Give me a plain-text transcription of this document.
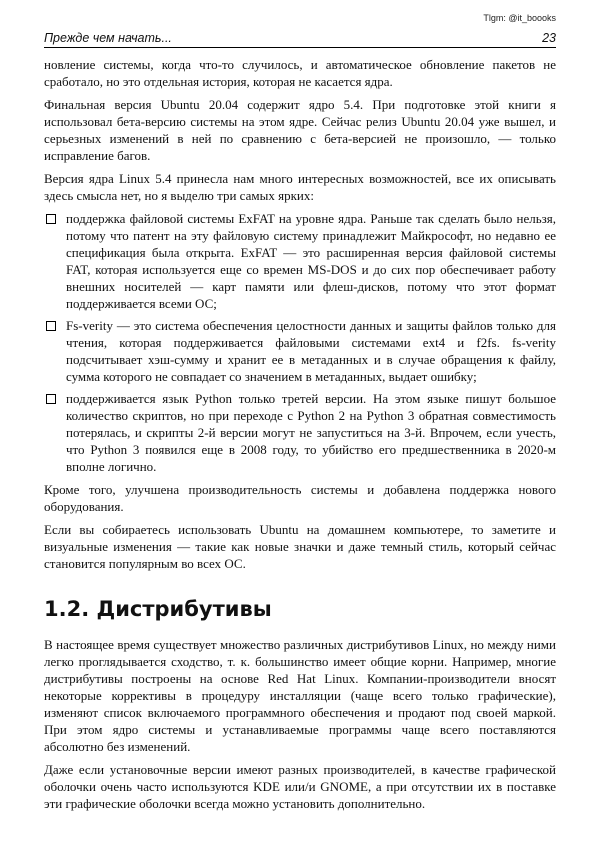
Tlgm: @it_boooks
Прежде чем начать...	23

новление системы, когда что-то случилось, и автоматическое обновление пакетов не сработало, но это отдельная история, которая не касается ядра.

Финальная версия Ubuntu 20.04 содержит ядро 5.4. При подготовке этой книги я использовал бета-версию системы на этом ядре. Сейчас релиз Ubuntu 20.04 уже вышел, и серьезных изменений в ней по сравнению с бета-версией не произошло, — только исправление багов.

Версия ядра Linux 5.4 принесла нам много интересных возможностей, все их описывать здесь смысла нет, но я выделю три самых ярких:

поддержка файловой системы ExFAT на уровне ядра. Раньше так сделать было нельзя, потому что патент на эту файловую систему принадлежит Майкрософт, но недавно ее спецификация была открыта. ExFAT — это расширенная версия файловой системы FAT, которая используется еще со времен MS-DOS и до сих пор обеспечивает работу внешних носителей — карт памяти или флеш-дисков, потому что этот формат поддерживается всеми ОС;
Fs-verity — это система обеспечения целостности данных и защиты файлов только для чтения, которая поддерживается файловыми системами ext4 и f2fs. fs-verity подсчитывает хэш-сумму и хранит ее в метаданных и в случае обращения к файлу, сумма которого не совпадает со значением в метаданных, выдает ошибку;
поддерживается язык Python только третей версии. На этом языке пишут большое количество скриптов, но при переходе с Python 2 на Python 3 обратная совместимость потерялась, и скрипты 2-й версии могут не запуститься на 3-й. Впрочем, если учесть, что Python 3 появился еще в 2008 году, то убийство его предшественника в 2020-м вполне логично.

Кроме того, улучшена производительность системы и добавлена поддержка нового оборудования.

Если вы собираетесь использовать Ubuntu на домашнем компьютере, то заметите и визуальные изменения — такие как новые значки и даже темный стиль, который сейчас становится популярным во всех ОС.

1.2. Дистрибутивы

В настоящее время существует множество различных дистрибутивов Linux, но между ними легко проглядывается сходство, т. к. большинство имеет общие корни. Например, многие дистрибутивы построены на основе Red Hat Linux. Компании-производители вносят некоторые коррективы в процедуру инсталляции (чаще всего только графические), изменяют список включаемого программного обеспечения и продают под своей маркой. При этом ядро системы и устанавливаемые программы чаще всего поставляются абсолютно без изменений.

Даже если установочные версии имеют разных производителей, в качестве графической оболочки очень часто используются KDE или/и GNOME, а при отсутствии их в поставке эти графические оболочки всегда можно установить дополнительно.
